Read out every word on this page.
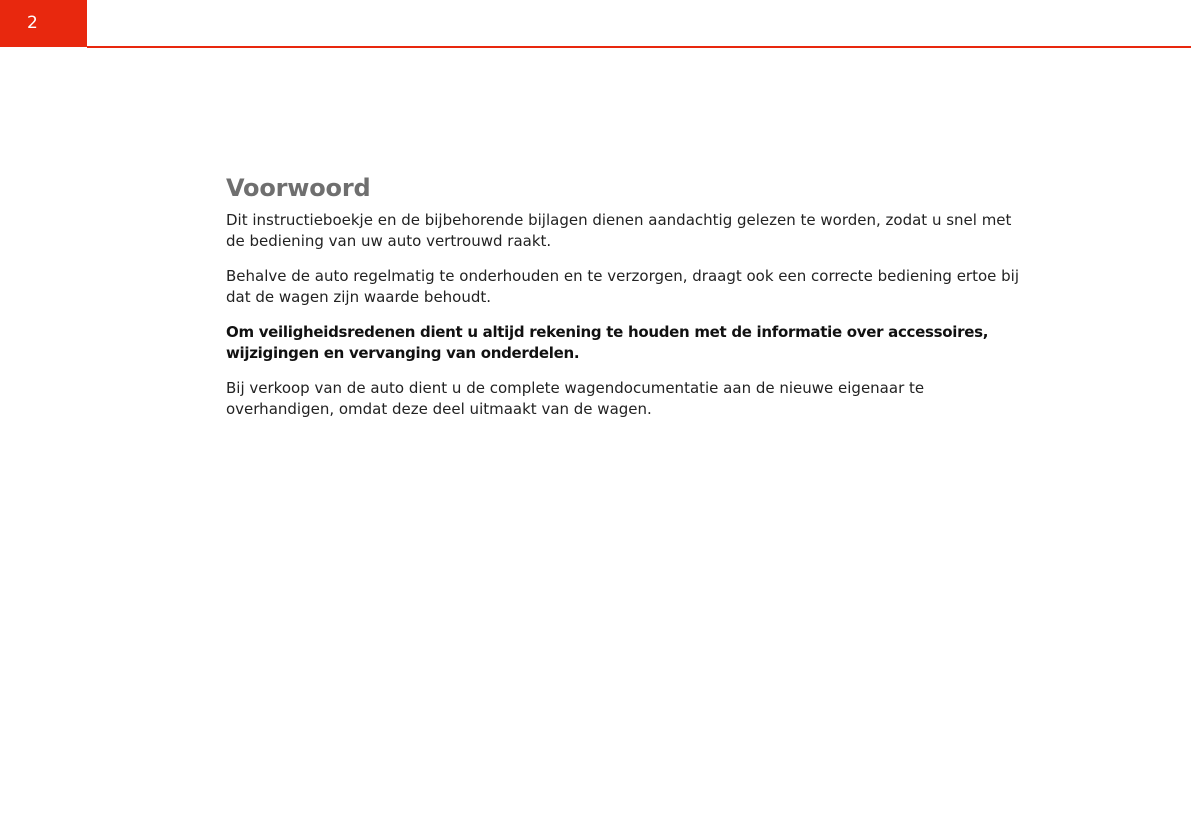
2
Voorwoord

Dit instructieboekje en de bijbehorende bijlagen dienen aandachtig gelezen te worden, zodat u snel met de bediening van uw auto vertrouwd raakt.

Behalve de auto regelmatig te onderhouden en te verzorgen, draagt ook een correcte bediening ertoe bij dat de wagen zijn waarde behoudt.

Om veiligheidsredenen dient u altijd rekening te houden met de informatie over accessoires, wijzigingen en vervanging van onderdelen.

Bij verkoop van de auto dient u de complete wagendocumentatie aan de nieuwe eigenaar te overhandigen, omdat deze deel uitmaakt van de wagen.
